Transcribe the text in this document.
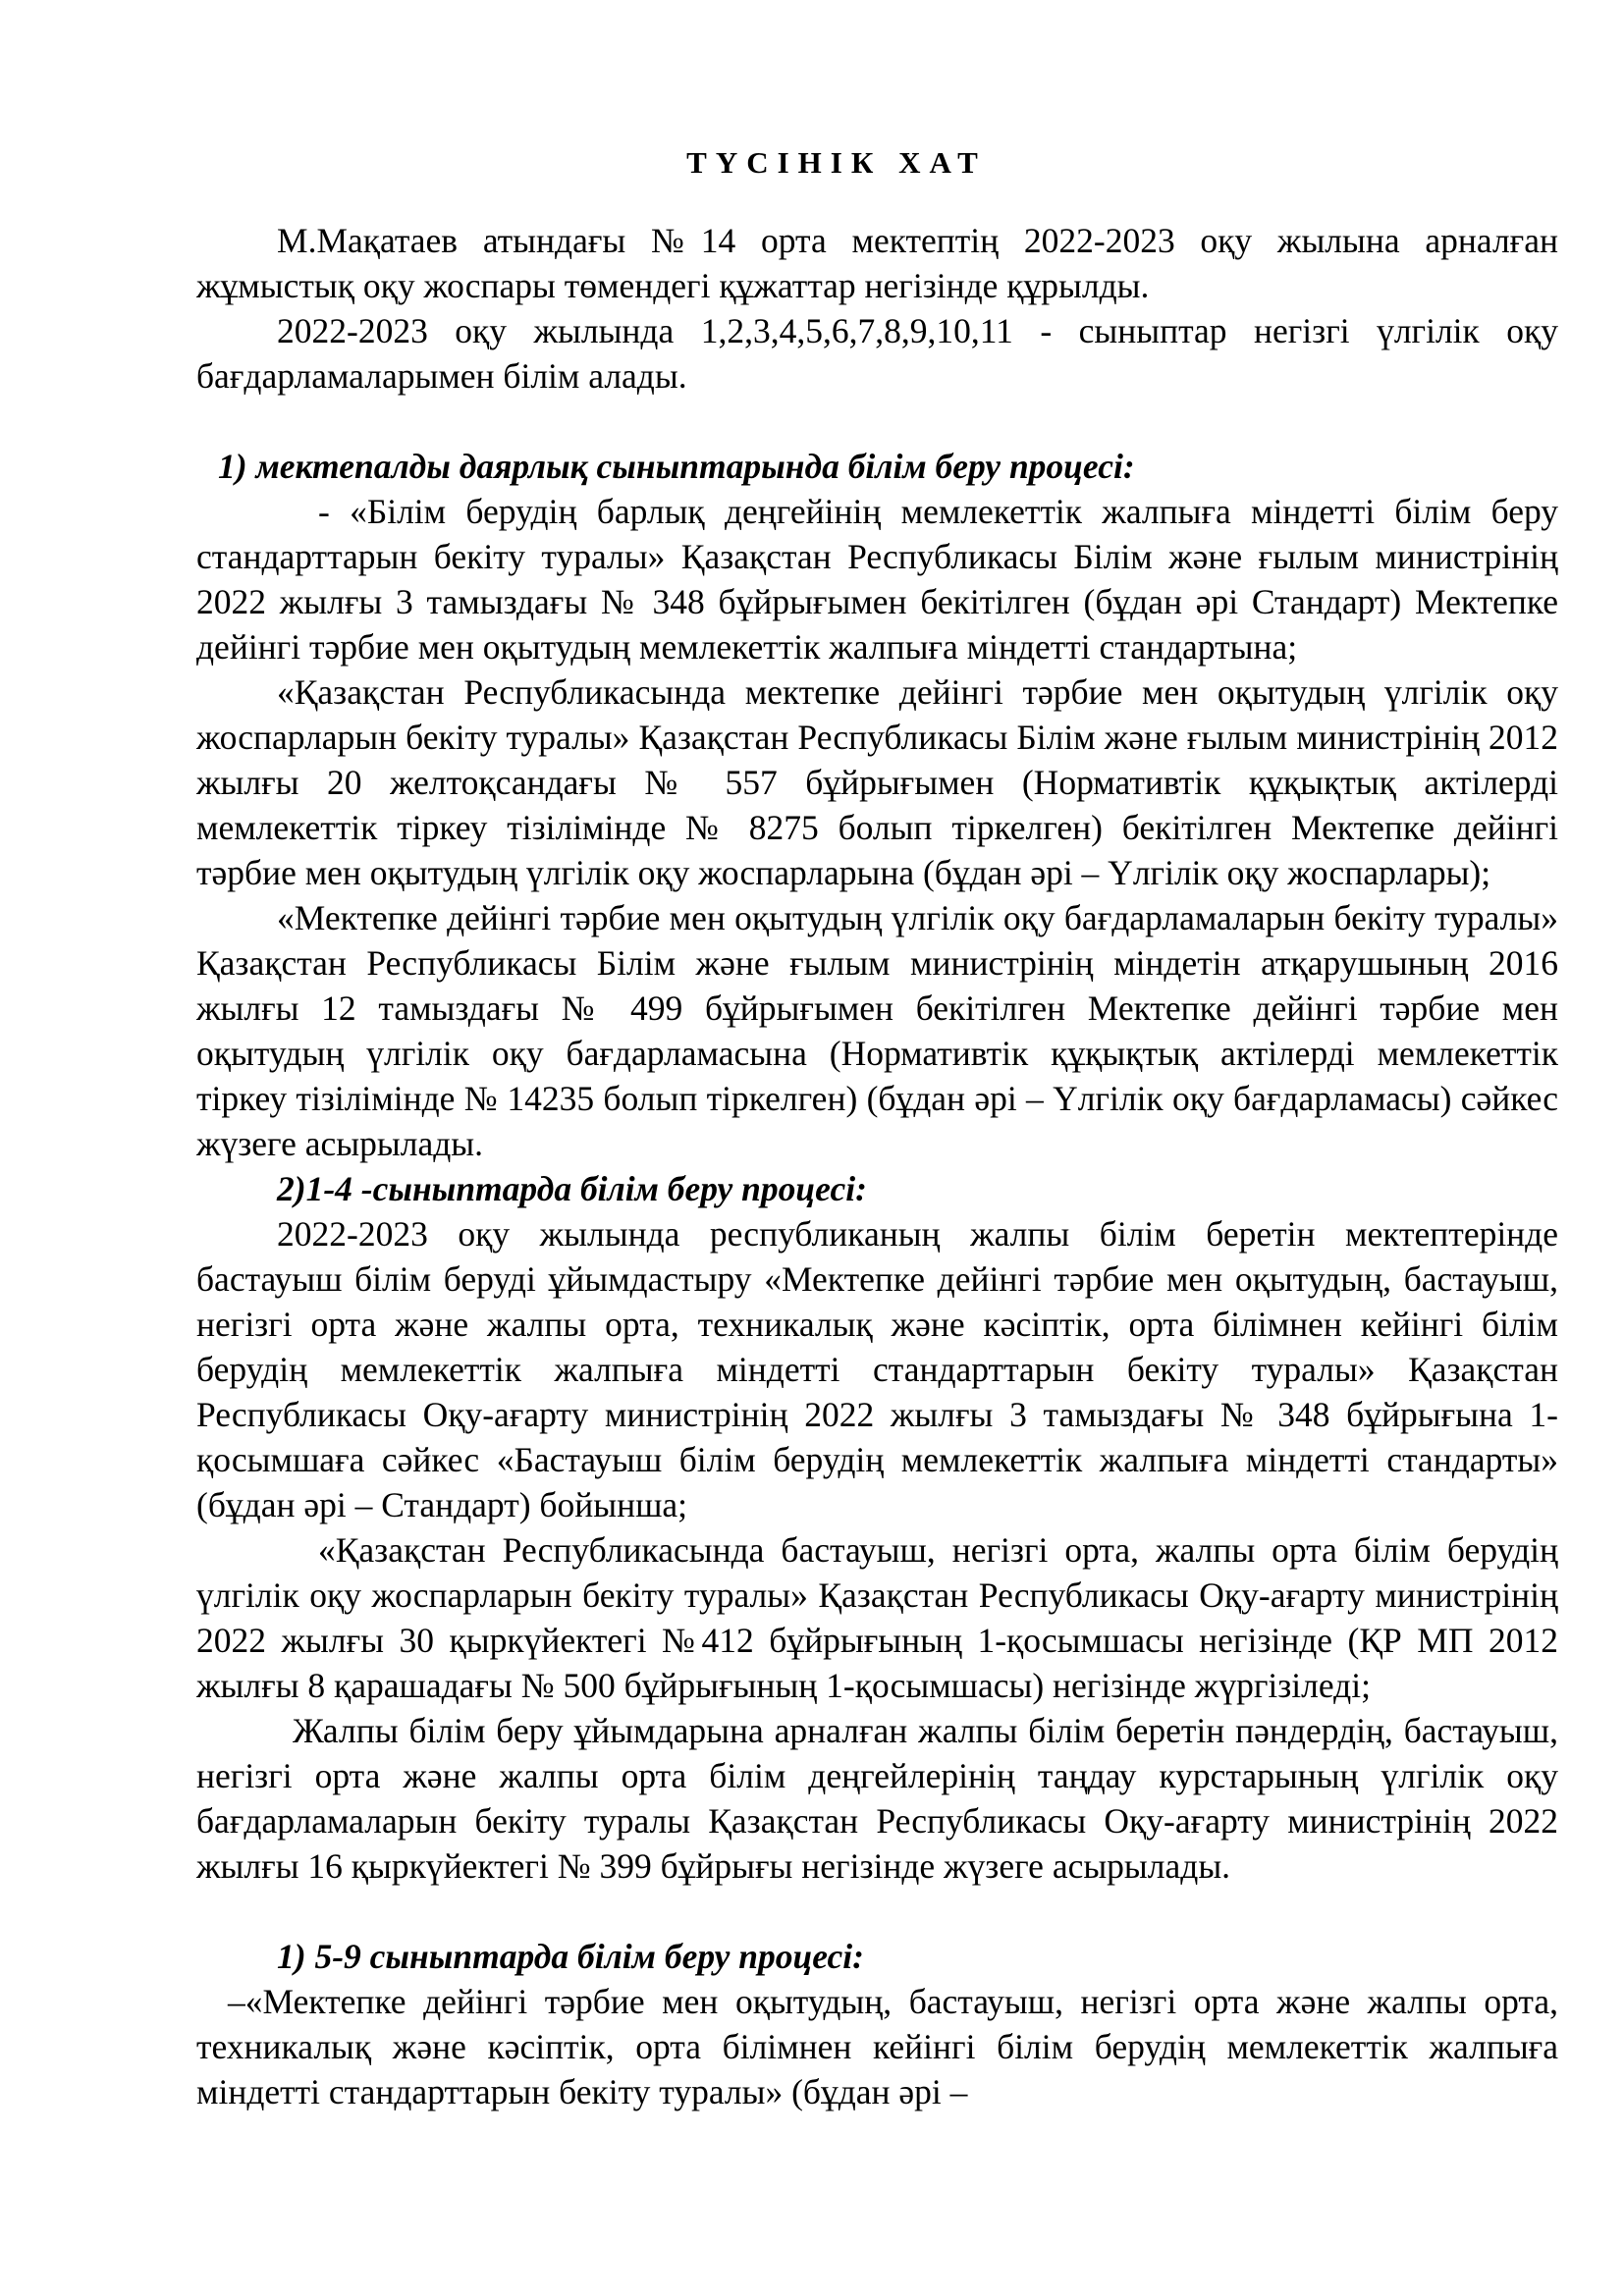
ТҮСІНІК ХАТ

М.Мақатаев атындағы №14 орта мектептің 2022-2023 оқу жылына арналған жұмыстық оқу жоспары төмендегі құжаттар негізінде құрылды.

2022-2023 оқу жылында 1,2,3,4,5,6,7,8,9,10,11 - сыныптар негізгі үлгілік оқу бағдарламаларымен білім алады.

1) мектепалды даярлық сыныптарында білім беру процесі:

- «Білім берудің барлық деңгейінің мемлекеттік жалпыға міндетті білім беру стандарттарын бекіту туралы» Қазақстан Республикасы Білім және ғылым министрінің 2022 жылғы 3 тамыздағы № 348 бұйрығымен бекітілген (бұдан әрі Стандарт) Мектепке дейінгі тәрбие мен оқытудың мемлекеттік жалпыға міндетті стандартына;

«Қазақстан Республикасында мектепке дейінгі тәрбие мен оқытудың үлгілік оқу жоспарларын бекіту туралы» Қазақстан Республикасы Білім және ғылым министрінің 2012 жылғы 20 желтоқсандағы № 557 бұйрығымен (Нормативтік құқықтық актілерді мемлекеттік тіркеу тізілімінде № 8275 болып тіркелген) бекітілген Мектепке дейінгі тәрбие мен оқытудың үлгілік оқу жоспарларына (бұдан әрі – Үлгілік оқу жоспарлары);

«Мектепке дейінгі тәрбие мен оқытудың үлгілік оқу бағдарламаларын бекіту туралы» Қазақстан Республикасы Білім және ғылым министрінің міндетін атқарушының 2016 жылғы 12 тамыздағы № 499 бұйрығымен бекітілген Мектепке дейінгі тәрбие мен оқытудың үлгілік оқу бағдарламасына (Нормативтік құқықтық актілерді мемлекеттік тіркеу тізілімінде № 14235 болып тіркелген) (бұдан әрі – Үлгілік оқу бағдарламасы) сәйкес жүзеге асырылады.

2)1-4 -сыныптарда білім беру процесі:

2022-2023 оқу жылында республиканың жалпы білім беретін мектептерінде бастауыш білім беруді ұйымдастыру «Мектепке дейінгі тәрбие мен оқытудың, бастауыш, негізгі орта және жалпы орта, техникалық және кәсіптік, орта білімнен кейінгі білім берудің мемлекеттік жалпыға міндетті стандарттарын бекіту туралы» Қазақстан Республикасы Оқу-ағарту министрінің 2022 жылғы 3 тамыздағы № 348 бұйрығына 1-қосымшаға сәйкес «Бастауыш білім берудің мемлекеттік жалпыға міндетті стандарты» (бұдан әрі – Стандарт) бойынша;

«Қазақстан Республикасында бастауыш, негізгі орта, жалпы орта білім берудің үлгілік оқу жоспарларын бекіту туралы» Қазақстан Республикасы Оқу-ағарту министрінің 2022 жылғы 30 қыркүйектегі №412 бұйрығының 1-қосымшасы негізінде (ҚР МП 2012 жылғы 8 қарашадағы № 500 бұйрығының 1-қосымшасы) негізінде жүргізіледі;

Жалпы білім беру ұйымдарына арналған жалпы білім беретін пәндердің, бастауыш, негізгі орта және жалпы орта білім деңгейлерінің таңдау курстарының үлгілік оқу бағдарламаларын бекіту туралы Қазақстан Республикасы Оқу-ағарту министрінің 2022 жылғы 16 қыркүйектегі № 399 бұйрығы негізінде жүзеге асырылады.

1) 5-9 сыныптарда білім беру процесі:

–«Мектепке дейінгі тәрбие мен оқытудың, бастауыш, негізгі орта және жалпы орта, техникалық және кәсіптік, орта білімнен кейінгі білім берудің мемлекеттік жалпыға міндетті стандарттарын бекіту туралы» (бұдан әрі –
